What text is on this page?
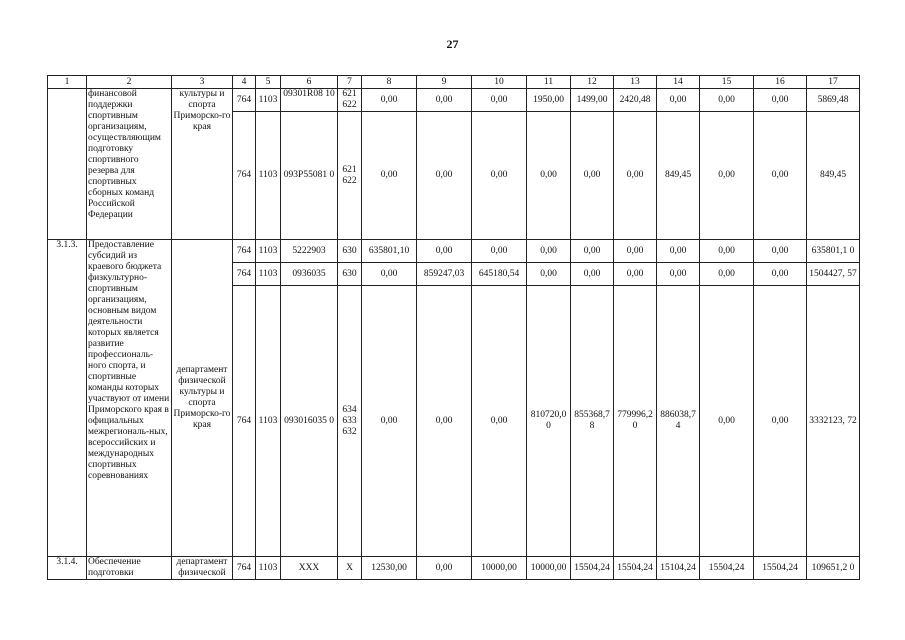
27
1	2	3	4	5	6	7	8	9	10	11	12	13	14	15	16	17
	финансовой поддержки спортивным организациям, осуществляющим подготовку спортивного резерва для спортивных сборных команд Российской Федерации	культуры и спорта Приморско-го края	764	1103	09301R08 10	621 622	0,00	0,00	0,00	1950,00	1499,00	2420,48	0,00	0,00	0,00	5869,48
			764	1103	093P55081 0	621 622	0,00	0,00	0,00	0,00	0,00	0,00	849,45	0,00	0,00	849,45
3.1.3.	Предоставление субсидий из краевого бюджета физкультурно-спортивным организациям, основным видом деятельности которых является развитие профессиональ-ного спорта, и спортивные команды которых участвуют от имени Приморского края в официальных межрегиональ-ных, всероссийских и международных спортивных соревнованиях	департамент физической культуры и спорта Приморско-го края	764	1103	5222903	630	635801,10	0,00	0,00	0,00	0,00	0,00	0,00	0,00	0,00	635801,1 0
			764	1103	0936035	630	0,00	859247,03	645180,54	0,00	0,00	0,00	0,00	0,00	0,00	1504427, 57
			764	1103	093016035 0	634 633 632	0,00	0,00	0,00	810720,0 0	855368,7 8	779996,2 0	886038,7 4	0,00	0,00	3332123, 72
3.1.4.	Обеспечение подготовки	департамент физической	764	1103	XXX	X	12530,00	0,00	10000,00	10000,00	15504,24	15504,24	15104,24	15504,24	15504,24	109651,2 0
